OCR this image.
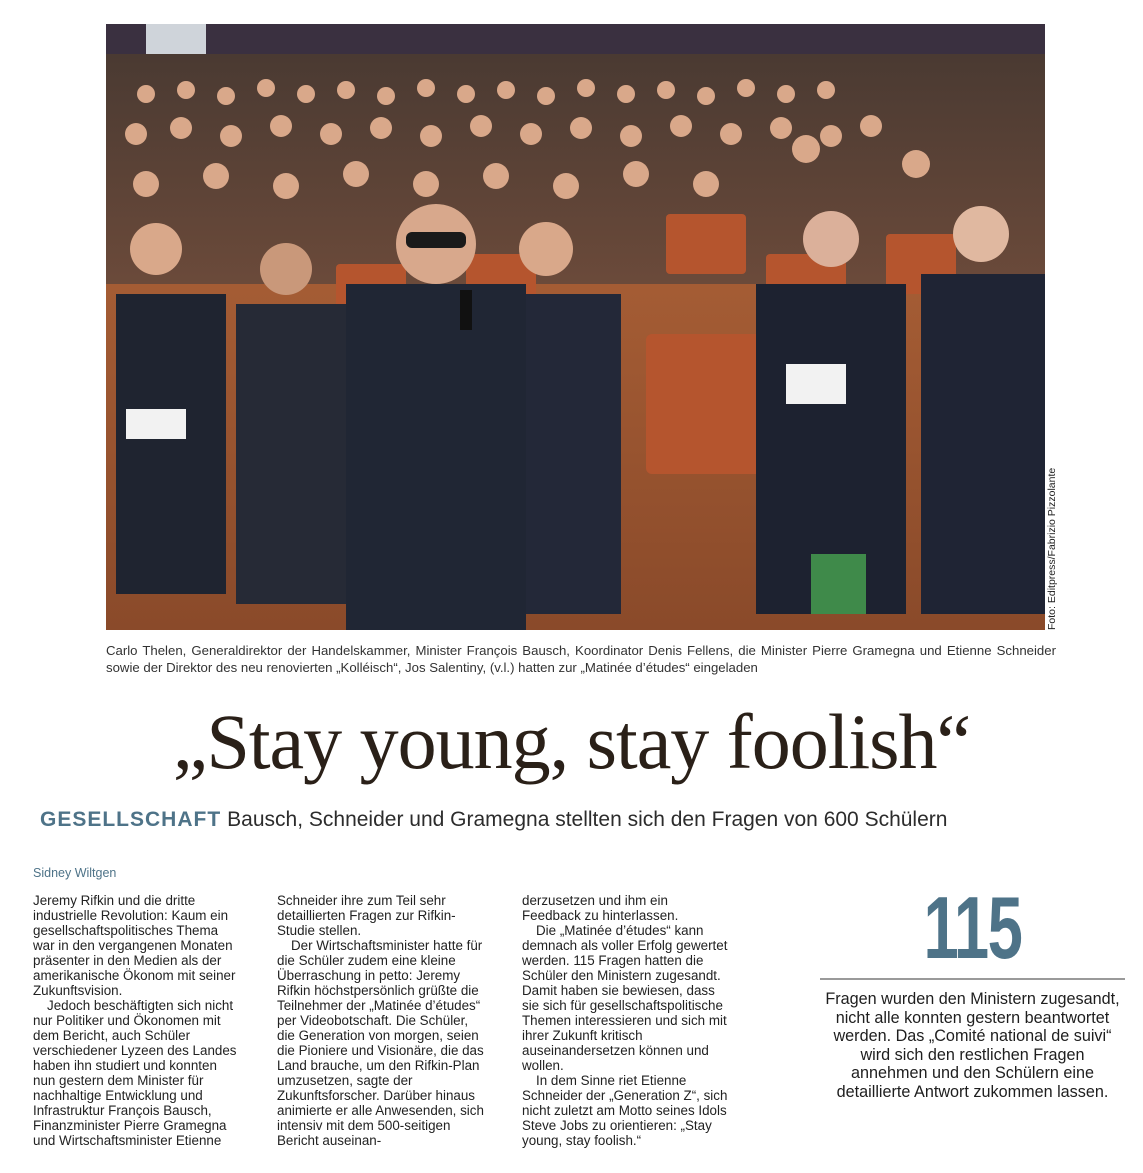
Foto: Editpress/Fabrizio Pizzolante
Carlo Thelen, Generaldirektor der Handelskammer, Minister François Bausch, Koordinator Denis Fellens, die Minister Pierre Gramegna und Etienne Schneider sowie der Direktor des neu renovierten „Kolléisch“, Jos Salentiny, (v.l.) hatten zur „Matinée d’études“ eingeladen
„Stay young, stay foolish“
GESELLSCHAFT Bausch, Schneider und Gramegna stellten sich den Fragen von 600 Schülern
Sidney Wiltgen

Jeremy Rifkin und die dritte industrielle Revolution: Kaum ein gesellschaftspolitisches Thema war in den vergangenen Monaten präsenter in den Medien als der amerikanische Ökonom mit seiner Zukunftsvision.

Jedoch beschäftigten sich nicht nur Politiker und Ökonomen mit dem Bericht, auch Schüler verschiedener Lyzeen des Landes haben ihn studiert und konnten nun gestern dem Minister für nachhaltige Entwicklung und Infrastruktur François Bausch, Finanzminister Pierre Gramegna und Wirtschaftsminister Etienne

Schneider ihre zum Teil sehr detaillierten Fragen zur Rifkin-Studie stellen.

Der Wirtschaftsminister hatte für die Schüler zudem eine kleine Überraschung in petto: Jeremy Rifkin höchstpersönlich grüßte die Teilnehmer der „Matinée d’études“ per Videobotschaft. Die Schüler, die Generation von morgen, seien die Pioniere und Visionäre, die das Land brauche, um den Rifkin-Plan umzusetzen, sagte der Zukunftsforscher. Darüber hinaus animierte er alle Anwesenden, sich intensiv mit dem 500-seitigen Bericht auseinan-

derzusetzen und ihm ein Feedback zu hinterlassen.

Die „Matinée d’études“ kann demnach als voller Erfolg gewertet werden. 115 Fragen hatten die Schüler den Ministern zugesandt. Damit haben sie bewiesen, dass sie sich für gesellschaftspolitische Themen interessieren und sich mit ihrer Zukunft kritisch auseinandersetzen können und wollen.

In dem Sinne riet Etienne Schneider der „Generation Z“, sich nicht zuletzt am Motto seines Idols Steve Jobs zu orientieren: „Stay young, stay foolish.“

115
Fragen wurden den Ministern zugesandt, nicht alle konnten gestern beantwortet werden. Das „Comité national de suivi“ wird sich den restlichen Fragen annehmen und den Schülern eine detaillierte Antwort zukommen lassen.
